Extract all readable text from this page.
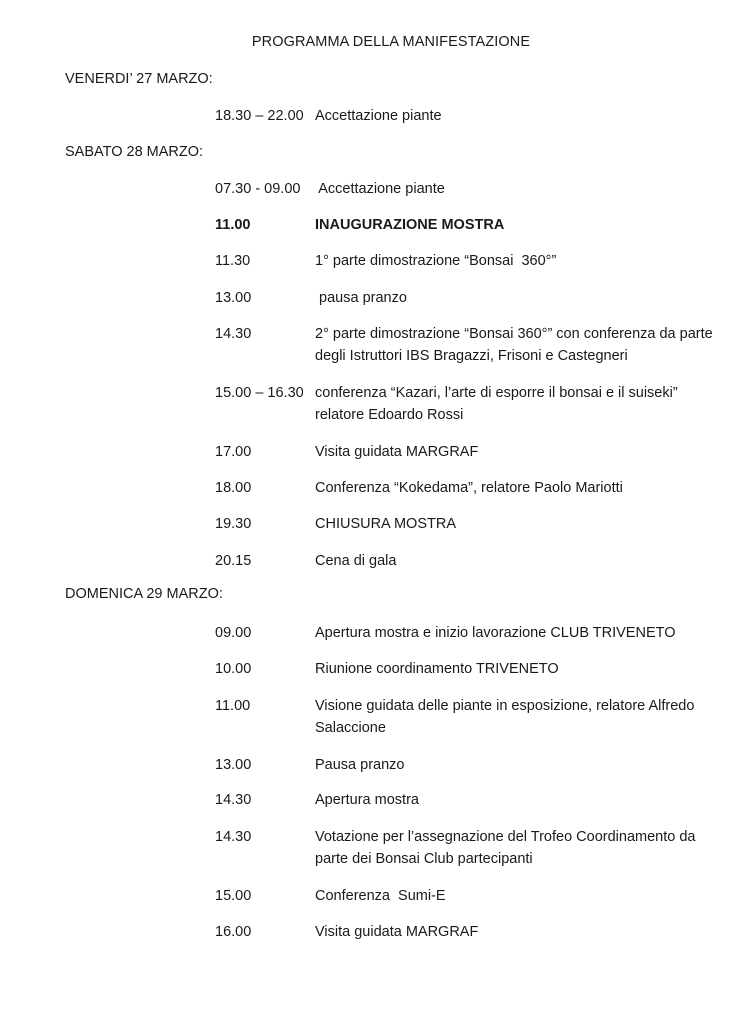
PROGRAMMA DELLA MANIFESTAZIONE
VENERDI’ 27 MARZO:
18.30 – 22.00 Accettazione piante
SABATO 28 MARZO:
07.30 - 09.00	Accettazione piante
11.00	INAUGURAZIONE MOSTRA
11.30	1° parte dimostrazione “Bonsai  360°”
13.00	pausa pranzo
14.30	2° parte dimostrazione “Bonsai 360°” con conferenza da parte degli Istruttori IBS Bragazzi, Frisoni e Castegneri
15.00 – 16.30 conferenza “Kazari, l’arte di esporre il bonsai e il suiseki” relatore Edoardo Rossi
17.00	Visita guidata MARGRAF
18.00	Conferenza “Kokedama”, relatore Paolo Mariotti
19.30	CHIUSURA MOSTRA
20.15	Cena di gala
DOMENICA 29 MARZO:
09.00	Apertura mostra e inizio lavorazione CLUB TRIVENETO
10.00	Riunione coordinamento TRIVENETO
11.00	Visione guidata delle piante in esposizione, relatore Alfredo Salaccione
13.00	Pausa pranzo
14.30	Apertura mostra
14.30	Votazione per l’assegnazione del Trofeo Coordinamento da parte dei Bonsai Club partecipanti
15.00	Conferenza  Sumi-E
16.00	Visita guidata MARGRAF
